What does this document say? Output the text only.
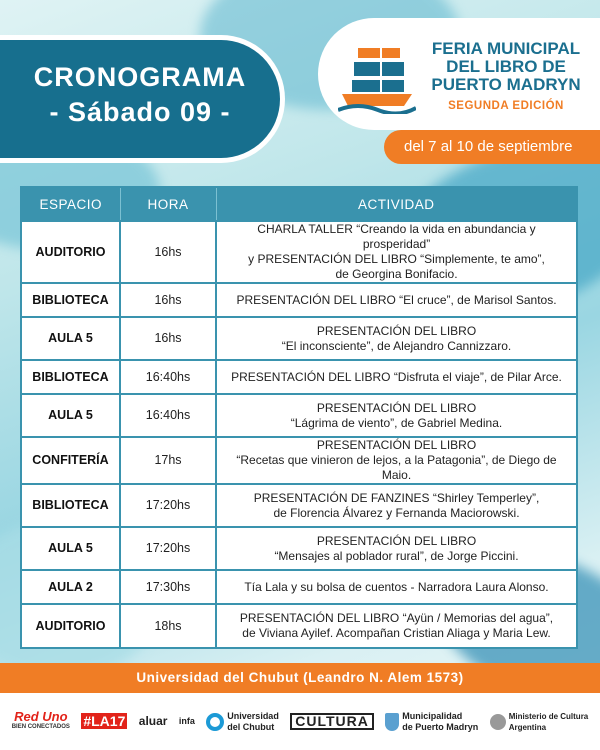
CRONOGRAMA
- Sábado 09 -
FERIA MUNICIPAL
DEL LIBRO DE
PUERTO MADRYN
SEGUNDA EDICIÓN
del 7 al 10 de septiembre
ESPACIO	HORA	ACTIVIDAD
AUDITORIO	16hs	CHARLA TALLER “Creando la vida en abundancia y prosperidad”
y PRESENTACIÓN DEL LIBRO “Simplemente, te amo”,
de Georgina Bonifacio.

BIBLIOTECA	16hs	PRESENTACIÓN DEL LIBRO “El cruce”, de Marisol Santos.

AULA 5	16hs	PRESENTACIÓN DEL LIBRO
“El inconsciente”, de Alejandro Cannizzaro.

BIBLIOTECA	16:40hs	PRESENTACIÓN DEL LIBRO “Disfruta el viaje”, de Pilar Arce.

AULA 5	16:40hs	PRESENTACIÓN DEL LIBRO
“Lágrima de viento”, de Gabriel Medina.

CONFITERÍA	17hs	PRESENTACIÓN DEL LIBRO
“Recetas que vinieron de lejos, a la Patagonia”, de Diego de Maio.

BIBLIOTECA	17:20hs	PRESENTACIÓN DE FANZINES “Shirley Temperley”,
de Florencia Álvarez y Fernanda Maciorowski.

AULA 5	17:20hs	PRESENTACIÓN DEL LIBRO
“Mensajes al poblador rural”, de Jorge Piccini.

AULA 2	17:30hs	Tía Lala y su bolsa de cuentos - Narradora Laura Alonso.

AUDITORIO	18hs	PRESENTACIÓN DEL LIBRO “Ayün / Memorias del agua”,
de Viviana Ayilef. Acompañan Cristian Aliaga y Maria Lew.
Universidad del Chubut (Leandro N. Alem 1573)
Red Uno
BIEN CONECTADOS #LA17 aluar infa
Universidad
del Chubut	CULTURA	Municipalidad
de Puerto Madryn
Ministerio de Cultura
Argentina
